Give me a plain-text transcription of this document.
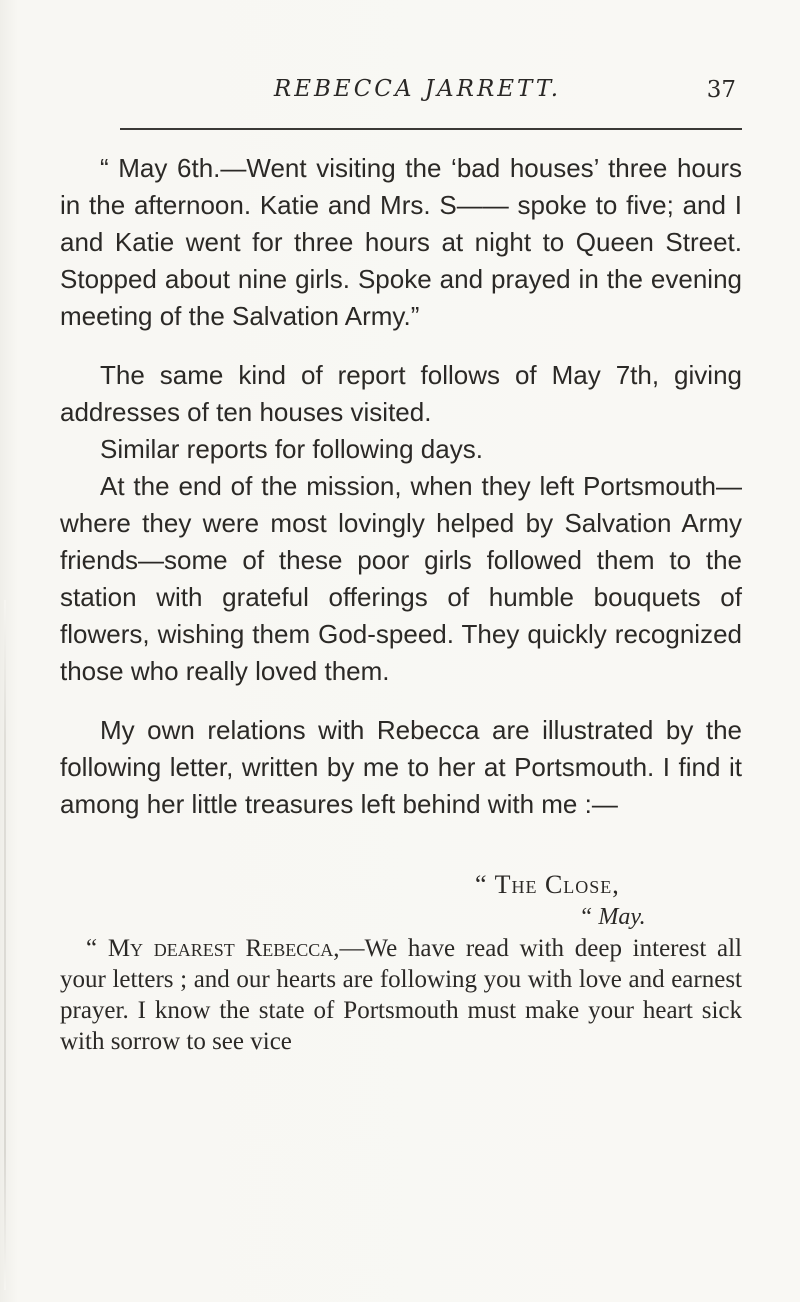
REBECCA JARRETT.	37

“ May 6th.—Went visiting the ‘bad houses’ three hours in the afternoon. Katie and Mrs. S—— spoke to five; and I and Katie went for three hours at night to Queen Street. Stopped about nine girls. Spoke and prayed in the evening meeting of the Salvation Army.”

The same kind of report follows of May 7th, giving addresses of ten houses visited.

Similar reports for following days.

At the end of the mission, when they left Portsmouth—where they were most lovingly helped by Salvation Army friends—some of these poor girls followed them to the station with grateful offerings of humble bouquets of flowers, wishing them God-speed. They quickly recognized those who really loved them.

My own relations with Rebecca are illustrated by the following letter, written by me to her at Portsmouth. I find it among her little treasures left behind with me :—

“ The Close,

“ May.

“ My dearest Rebecca,—We have read with deep interest all your letters ; and our hearts are following you with love and earnest prayer. I know the state of Portsmouth must make your heart sick with sorrow to see vice
